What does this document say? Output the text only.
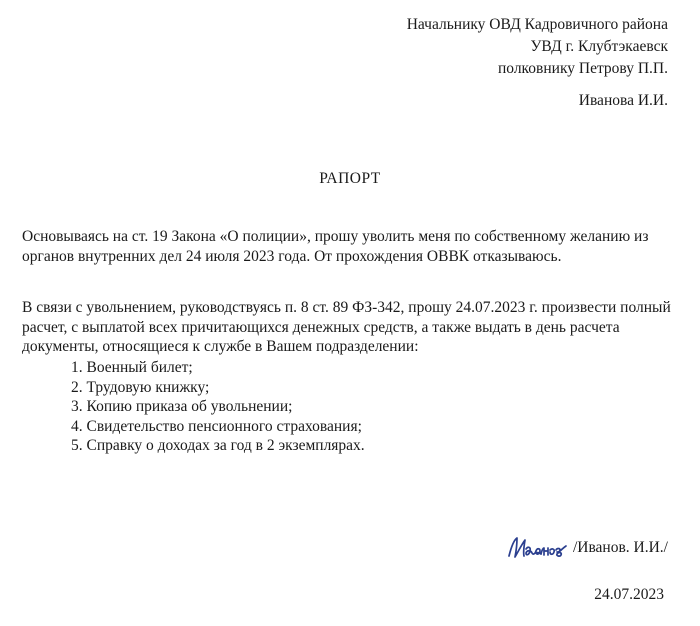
Начальнику ОВД Кадровичного района
УВД г. Клубтэкаевск
полковнику Петрову П.П.
Иванова И.И.
РАПОРТ
Основываясь на ст. 19 Закона «О полиции», прошу уволить меня по собственному желанию из органов внутренних дел 24 июля 2023 года. От прохождения ОВВК отказываюсь.
В связи с увольнением, руководствуясь п. 8 ст. 89 ФЗ-342, прошу 24.07.2023 г. произвести полный расчет, с выплатой всех причитающихся денежных средств, а также выдать в день расчета документы, относящиеся к службе в Вашем подразделении:
1. Военный билет;
2. Трудовую книжку;
3. Копию приказа об увольнении;
4. Свидетельство пенсионного страхования;
5. Справку о доходах за год в 2 экземплярах.
/Иванов. И.И./
24.07.2023
